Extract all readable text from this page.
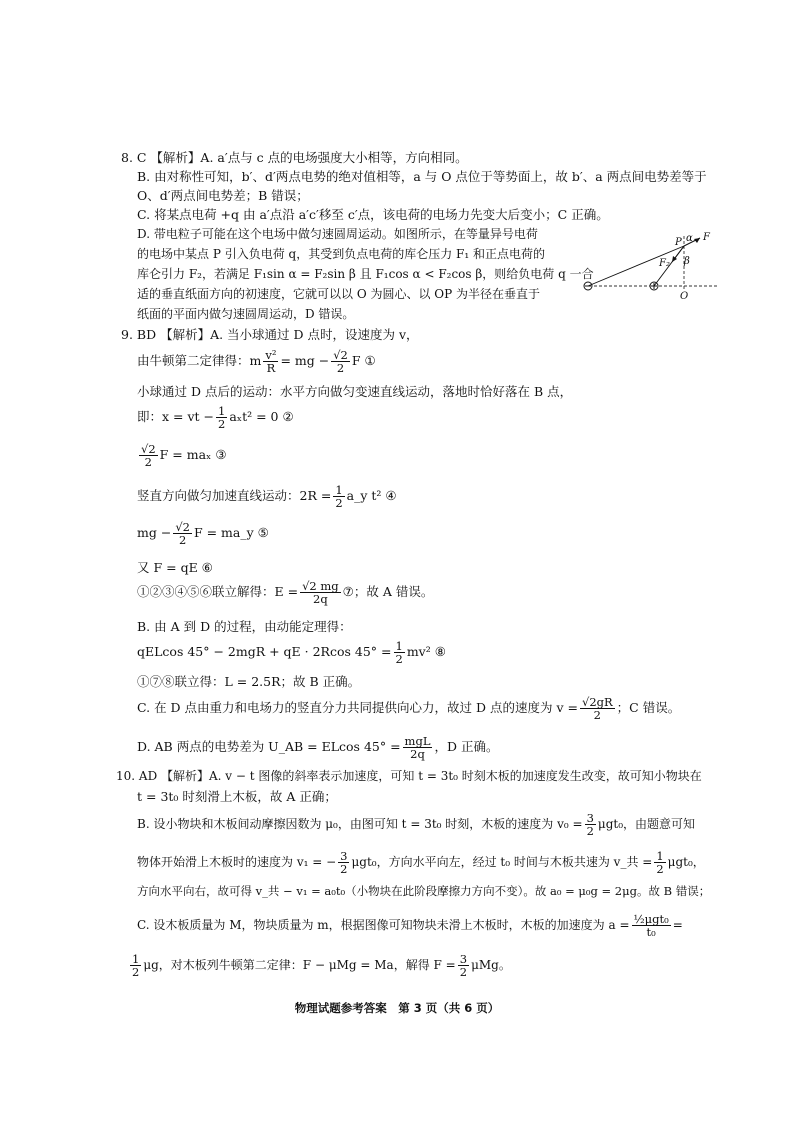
8. C 【解析】A. a′点与 c 点的电场强度大小相等，方向相同。
B. 由对称性可知，b′、d′两点电势的绝对值相等，a 与 O 点位于等势面上，故 b′、a 两点间电势差等于
O、d′两点间电势差；B 错误；
C. 将某点电荷 +q 由 a′点沿 a′c′移至 c′点，该电荷的电场力先变大后变小；C 正确。
D. 带电粒子可能在这个电场中做匀速圆周运动。如图所示，在等量异号电荷
的电场中某点 P 引入负电荷 q，其受到负点电荷的库仑压力 F₁ 和正点电荷的
库仑引力 F₂，若满足 F₁sin α = F₂sin β 且 F₁cos α < F₂cos β，则给负电荷 q 一合
适的垂直纸面方向的初速度，它就可以以 O 为圆心、以 OP 为半径在垂直于
纸面的平面内做匀速圆周运动，D 错误。
P α F
F₂ β
O
9. BD 【解析】A. 当小球通过 D 点时，设速度为 v，
由牛顿第二定律得：m $\frac{\text{v²}}{R}$ = mg − $\frac{√2}{2}$ F ①
小球通过 D 点后的运动：水平方向做匀变速直线运动，落地时恰好落在 B 点，
即：x = vt − $\frac{1}{2} a_xt^2 = 0$ ②
$\frac{√2}{2}$ F = maₓ ③
竖直方向做匀加速直线运动：$2R = \frac{1}{2}$ a_y t² ④
mg − $\frac{√2}{2}$ F = ma_y ⑤
又 F = qE ⑥
①②③④⑤⑥联立解得：$E = \frac{√2 mg}{2q}$ ⑦；故 A 错误。
B. 由 A 到 D 的过程，由动能定理得：
qELcos 45° − 2mgR + qE · 2Rcos $45^\circ = \frac{1}{2} mv^2$ ⑧
①⑦⑧联立得：L = 2.5R；故 B 正确。
C. 在 D 点由重力和电场力的竖直分力共同提供向心力，故过 D 点的速度为 $v = \frac{√2gR}{2}$ ；C 错误。
D. AB 两点的电势差为 U_AB = ELcos $45^\circ = \frac{\text{mgL}}{2q}$ ，D 正确。
10. AD 【解析】A. v − t 图像的斜率表示加速度，可知 t = 3t₀ 时刻木板的加速度发生改变，故可知小物块在
t = 3t₀ 时刻滑上木板，故 A 正确；
B. 设小物块和木板间动摩擦因数为 μ₀，由图可知 t = 3t₀ 时刻，木板的速度为 $v_0 = \frac{3}{2} \mu gt_0$，由题意可知
物体开始滑上木板时的速度为 v₁ = − $\frac{3}{2} \mu gt_0$，方向水平向左，经过 t₀ 时间与木板共速为 v_共 = $\frac{1}{2} \mu gt_0$，
方向水平向右，故可得 v_共 − v₁ = a₀t₀（小物块在此阶段摩擦力方向不变）。故 a₀ = μ₀g = 2μg。故 B 错误；
C. 设木板质量为 M，物块质量为 m，根据图像可知物块未滑上木板时，木板的加速度为 $a = \frac{\text{½μgt₀}}{\text{t₀}}$ =
$\frac{1}{2}$ μg，对木板列牛顿第二定律：F − μMg = Ma，解得 $F = \frac{3}{2}$ μMg。
物理试题参考答案　第 3 页（共 6 页）
